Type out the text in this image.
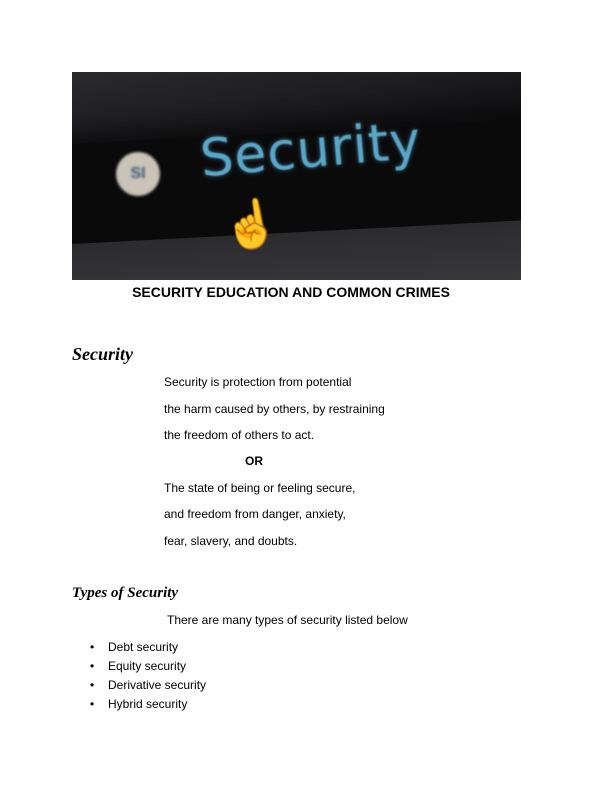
SI Security
☝
SECURITY EDUCATION AND COMMON CRIMES
Security
Security is protection from potential
the harm caused by others, by restraining
the freedom of others to act.
OR
The state of being or feeling secure,
and freedom from danger, anxiety,
fear, slavery, and doubts.
Types of Security
There are many types of security listed below
• Debt security
• Equity security
• Derivative security
• Hybrid security
